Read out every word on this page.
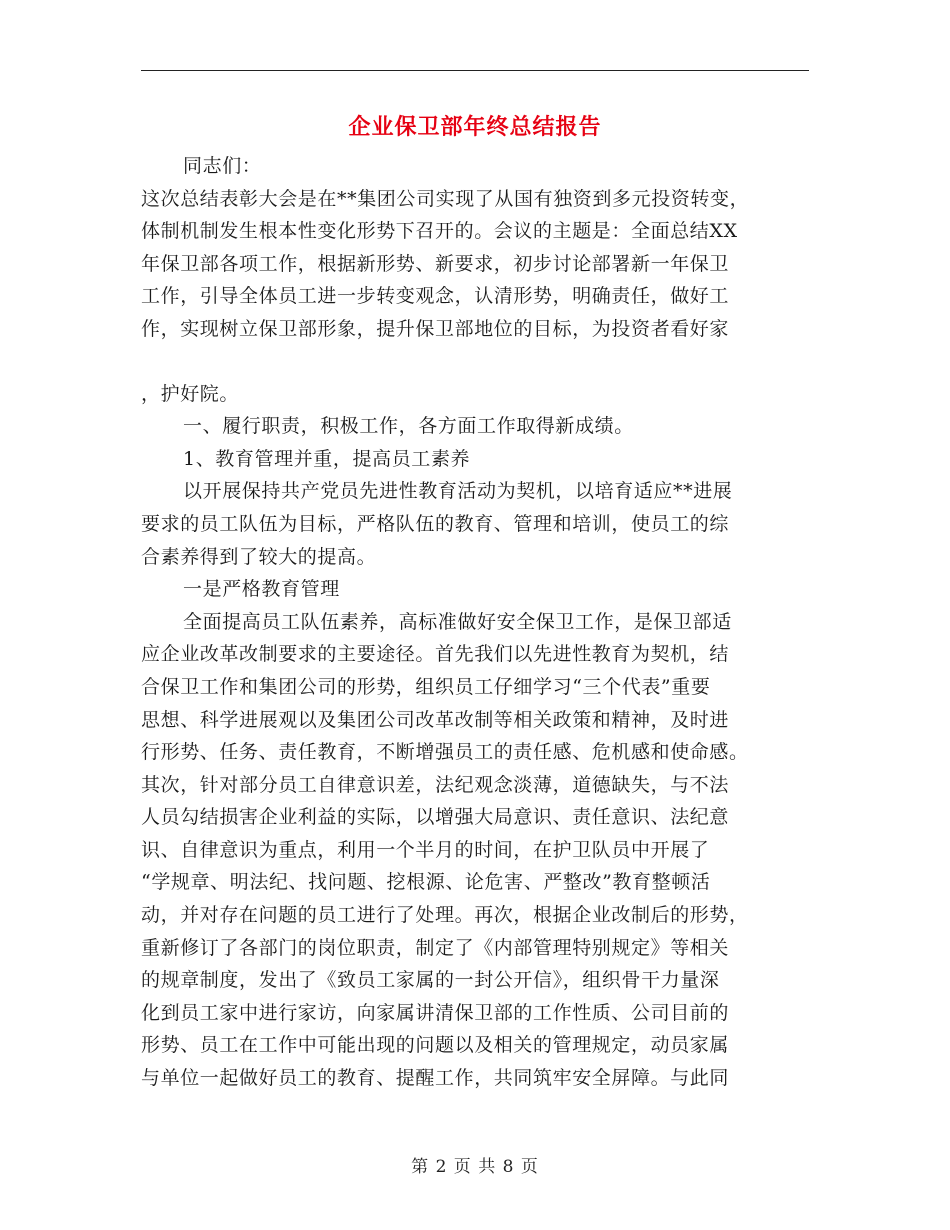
企业保卫部年终总结报告
同志们：
这次总结表彰大会是在**集团公司实现了从国有独资到多元投资转变，
体制机制发生根本性变化形势下召开的。会议的主题是：全面总结XX
年保卫部各项工作，根据新形势、新要求，初步讨论部署新一年保卫
工作，引导全体员工进一步转变观念，认清形势，明确责任，做好工
作，实现树立保卫部形象，提升保卫部地位的目标，为投资者看好家
，护好院。
一、履行职责，积极工作，各方面工作取得新成绩。
1、教育管理并重，提高员工素养
以开展保持共产党员先进性教育活动为契机，以培育适应**进展
要求的员工队伍为目标，严格队伍的教育、管理和培训，使员工的综
合素养得到了较大的提高。
一是严格教育管理
全面提高员工队伍素养，高标准做好安全保卫工作，是保卫部适
应企业改革改制要求的主要途径。首先我们以先进性教育为契机，结
合保卫工作和集团公司的形势，组织员工仔细学习“三个代表”重要
思想、科学进展观以及集团公司改革改制等相关政策和精神，及时进
行形势、任务、责任教育，不断增强员工的责任感、危机感和使命感。
其次，针对部分员工自律意识差，法纪观念淡薄，道德缺失，与不法
人员勾结损害企业利益的实际，以增强大局意识、责任意识、法纪意
识、自律意识为重点，利用一个半月的时间，在护卫队员中开展了
“学规章、明法纪、找问题、挖根源、论危害、严整改”教育整顿活
动，并对存在问题的员工进行了处理。再次，根据企业改制后的形势，
重新修订了各部门的岗位职责，制定了《内部管理特别规定》等相关
的规章制度，发出了《致员工家属的一封公开信》，组织骨干力量深
化到员工家中进行家访，向家属讲清保卫部的工作性质、公司目前的
形势、员工在工作中可能出现的问题以及相关的管理规定，动员家属
与单位一起做好员工的教育、提醒工作，共同筑牢安全屏障。与此同
第 2 页 共 8 页
